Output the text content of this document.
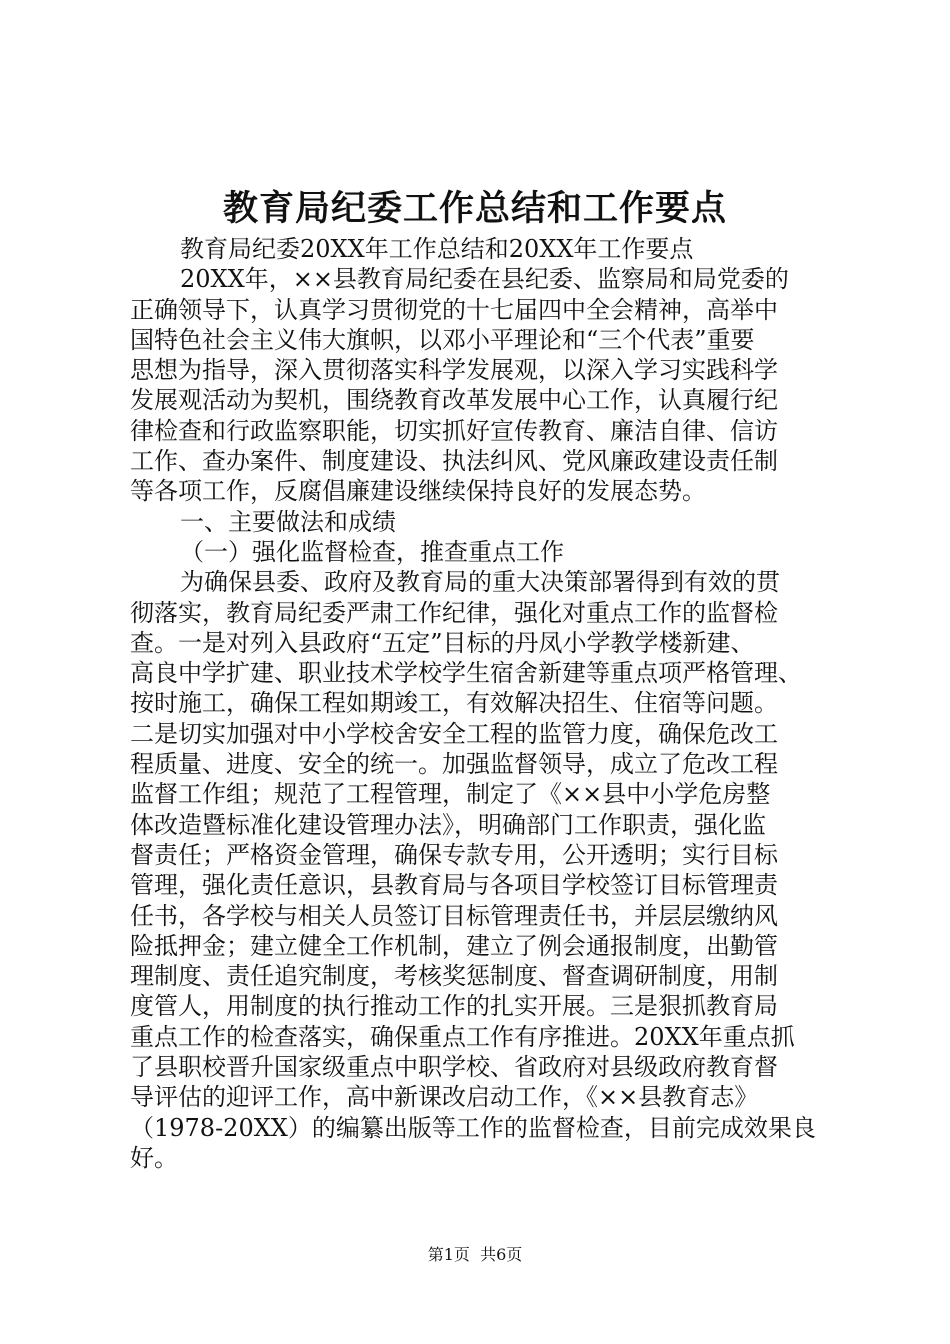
教育局纪委工作总结和工作要点
教育局纪委20XX年工作总结和20XX年工作要点
20XX年，××县教育局纪委在县纪委、监察局和局党委的
正确领导下，认真学习贯彻党的十七届四中全会精神，高举中
国特色社会主义伟大旗帜，以邓小平理论和“三个代表”重要
思想为指导，深入贯彻落实科学发展观，以深入学习实践科学
发展观活动为契机，围绕教育改革发展中心工作，认真履行纪
律检查和行政监察职能，切实抓好宣传教育、廉洁自律、信访
工作、查办案件、制度建设、执法纠风、党风廉政建设责任制
等各项工作，反腐倡廉建设继续保持良好的发展态势。
一、主要做法和成绩
（一）强化监督检查，推查重点工作
为确保县委、政府及教育局的重大决策部署得到有效的贯
彻落实，教育局纪委严肃工作纪律，强化对重点工作的监督检
查。一是对列入县政府“五定”目标的丹凤小学教学楼新建、
高良中学扩建、职业技术学校学生宿舍新建等重点项严格管理、
按时施工，确保工程如期竣工，有效解决招生、住宿等问题。
二是切实加强对中小学校舍安全工程的监管力度，确保危改工
程质量、进度、安全的统一。加强监督领导，成立了危改工程
监督工作组；规范了工程管理，制定了《××县中小学危房整
体改造暨标准化建设管理办法》，明确部门工作职责，强化监
督责任；严格资金管理，确保专款专用，公开透明；实行目标
管理，强化责任意识，县教育局与各项目学校签订目标管理责
任书，各学校与相关人员签订目标管理责任书，并层层缴纳风
险抵押金；建立健全工作机制，建立了例会通报制度，出勤管
理制度、责任追究制度，考核奖惩制度、督查调研制度，用制
度管人，用制度的执行推动工作的扎实开展。三是狠抓教育局
重点工作的检查落实，确保重点工作有序推进。20XX年重点抓
了县职校晋升国家级重点中职学校、省政府对县级政府教育督
导评估的迎评工作，高中新课改启动工作，《××县教育志》
（1978-20XX）的编纂出版等工作的监督检查，目前完成效果良
好。
第1页 共6页
